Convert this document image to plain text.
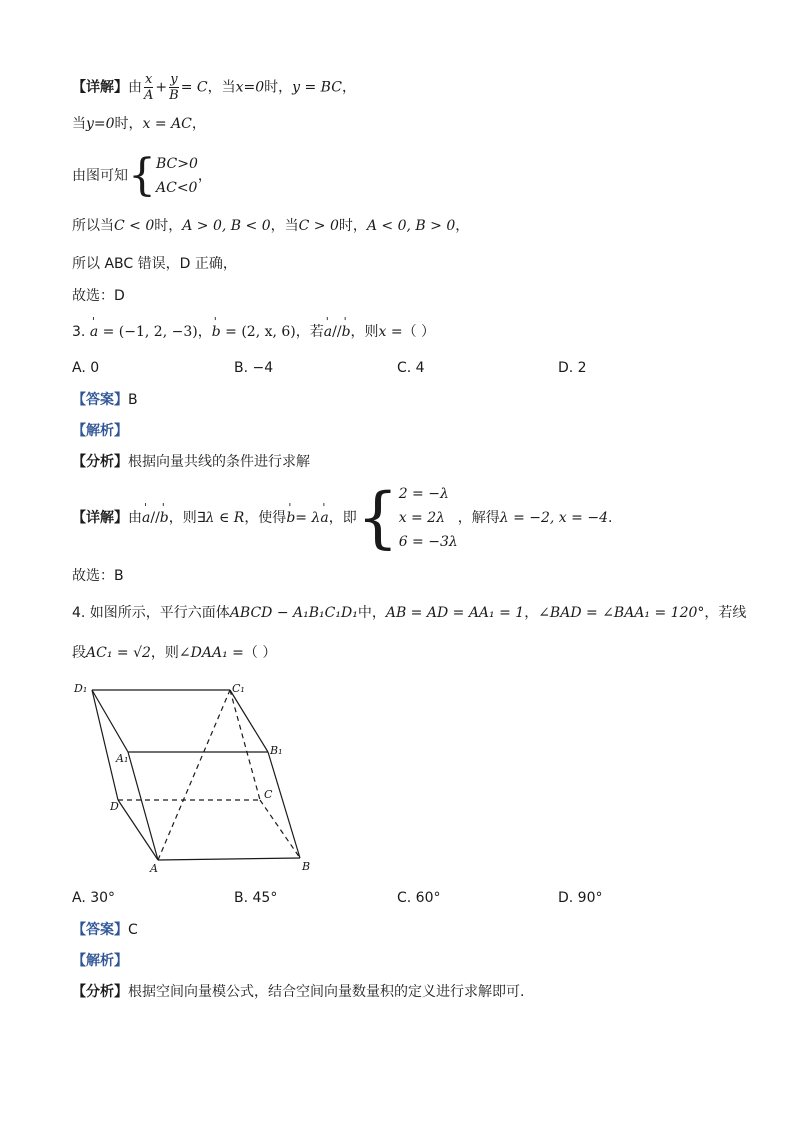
【详解】由 $\frac{x}{A} + \frac{y}{B} = C$，当x=0时，y = BC，
当y=0时，x = AC，
由图可知 { BC>0
AC<0
，
所以当C < 0时，A > 0, B < 0，当C > 0时，A < 0, B > 0，
所以 ABC 错误，D 正确，
故选：D
3. ' a = (−1, 2, −3)，' b = (2, x, 6)，若' a//' b，则x =（ ）
A. 0	B. −4	C. 4	D. 2
【答案】B
【解析】
【分析】根据向量共线的条件进行求解
【详解】由' a//' b，则∃λ ∈ R，使得' b= λ' a，即 { 2 = −λ
x = 2λ
6 = −3λ
，解得λ = −2, x = −4.
故选：B
4. 如图所示，平行六面体ABCD − A₁B₁C₁D₁中，AB = AD = AA₁ = 1，∠BAD = ∠BAA₁ = 120°，若线
段AC₁ = √2，则∠DAA₁ =（ ）
D₁	C₁
A₁
B₁
D
C
A	B
A. 30°	B. 45°	C. 60°	D. 90°
【答案】C
【解析】
【分析】根据空间向量模公式，结合空间向量数量积的定义进行求解即可.
